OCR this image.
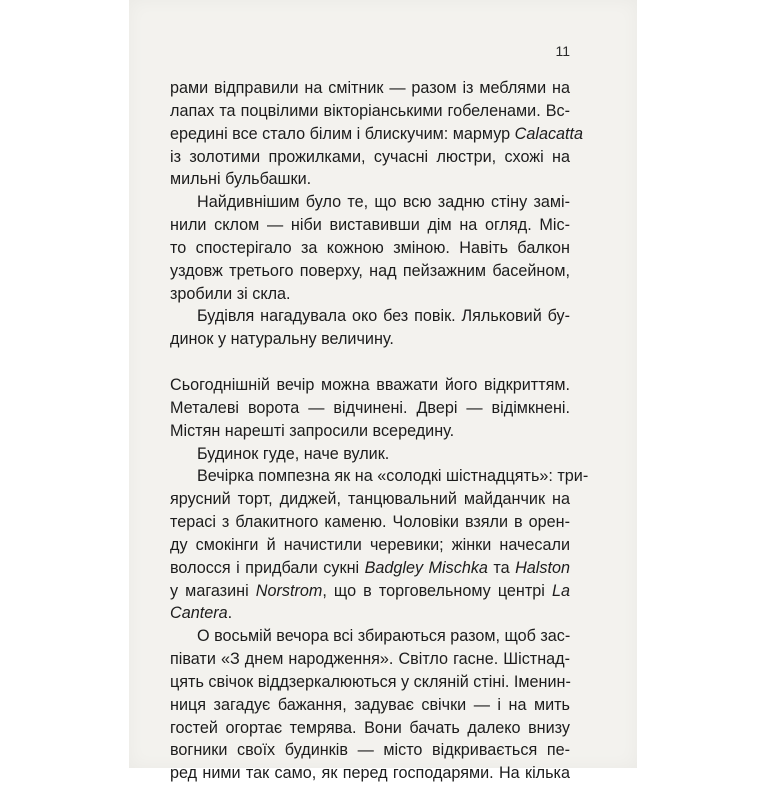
11

рами відправили на смітник — разом із меблями на
лапах та поцвілими вікторіанськими гобеленами. Вс-
ередині все стало білим і блискучим: мармур Calacatta
із золотими прожилками, сучасні люстри, схожі на
мильні бульбашки.

Найдивнішим було те, що всю задню стіну замі-
нили склом — ніби виставивши дім на огляд. Міс-
то спостерігало за кожною зміною. Навіть балкон
уздовж третього поверху, над пейзажним басейном,
зробили зі скла.

Будівля нагадувала око без повік. Ляльковий бу-
динок у натуральну величину.

Сьогоднішній вечір можна вважати його відкриттям.
Металеві ворота — відчинені. Двері — відімкнені.
Містян нарешті запросили всередину.

Будинок гуде, наче вулик.

Вечірка помпезна як на «солодкі шістнадцять»: три-
ярусний торт, диджей, танцювальний майданчик на
терасі з блакитного каменю. Чоловіки взяли в орен-
ду смокінги й начистили черевики; жінки начесали
волосся і придбали сукні Badgley Mischka та Halston
у магазині Norstrom, що в торговельному центрі La
Cantera.

О восьмій вечора всі збираються разом, щоб зас-
півати «З днем народження». Світло гасне. Шістнад-
цять свічок віддзеркалюються у скляній стіні. Іменин-
ниця загадує бажання, задуває свічки — і на мить
гостей огортає темрява. Вони бачать далеко внизу
вогники своїх будинків — місто відкривається пе-
ред ними так само, як перед господарями. На кілька
